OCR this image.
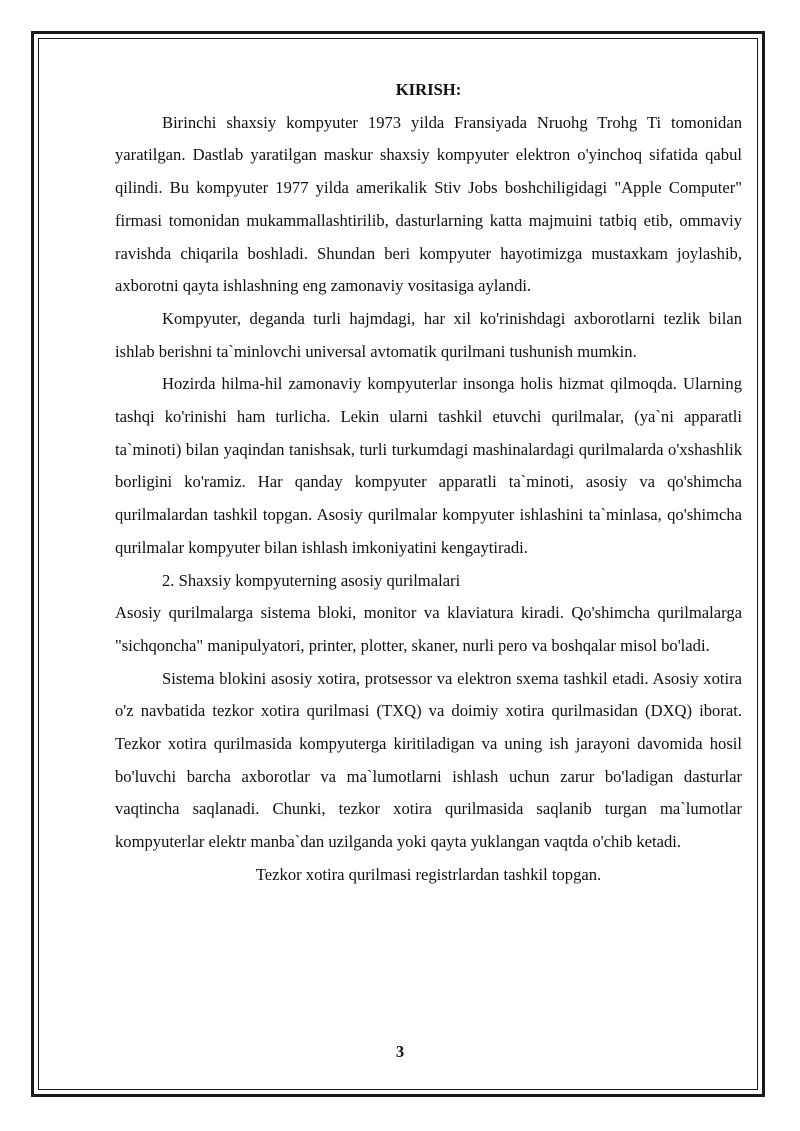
KIRISH:

Birinchi shaxsiy kompyuter 1973 yilda Fransiyada Nruohg Trohg Ti tomonidan yaratilgan. Dastlab yaratilgan maskur shaxsiy kompyuter elektron o'yinchoq sifatida qabul qilindi. Bu kompyuter 1977 yilda amerikalik Stiv Jobs boshchiligidagi "Apple Computer" firmasi tomonidan mukammallashtirilib, dasturlarning katta majmuini tatbiq etib, ommaviy ravishda chiqarila boshladi. Shundan beri kompyuter hayotimizga mustaxkam joylashib, axborotni qayta ishlashning eng zamonaviy vositasiga aylandi.

Kompyuter, deganda turli hajmdagi, har xil ko'rinishdagi axborotlarni tezlik bilan ishlab berishni ta`minlovchi universal avtomatik qurilmani tushunish mumkin.

Hozirda hilma-hil zamonaviy kompyuterlar insonga holis hizmat qilmoqda. Ularning tashqi ko'rinishi ham turlicha. Lekin ularni tashkil etuvchi qurilmalar, (ya`ni apparatli ta`minoti) bilan yaqindan tanishsak, turli turkumdagi mashinalardagi qurilmalarda o'xshashlik borligini ko'ramiz. Har qanday kompyuter apparatli ta`minoti, asosiy va qo'shimcha qurilmalardan tashkil topgan. Asosiy qurilmalar kompyuter ishlashini ta`minlasa, qo'shimcha qurilmalar kompyuter bilan ishlash imkoniyatini kengaytiradi.

2. Shaxsiy kompyuterning asosiy qurilmalari

Asosiy qurilmalarga sistema bloki, monitor va klaviatura kiradi. Qo'shimcha qurilmalarga "sichqoncha" manipulyatori, printer, plotter, skaner, nurli pero va boshqalar misol bo'ladi.

Sistema blokini asosiy xotira, protsessor va elektron sxema tashkil etadi. Asosiy xotira o'z navbatida tezkor xotira qurilmasi (TXQ) va doimiy xotira qurilmasidan (DXQ) iborat. Tezkor xotira qurilmasida kompyuterga kiritiladigan va uning ish jarayoni davomida hosil bo'luvchi barcha axborotlar va ma`lumotlarni ishlash uchun zarur bo'ladigan dasturlar vaqtincha saqlanadi. Chunki, tezkor xotira qurilmasida saqlanib turgan ma`lumotlar kompyuterlar elektr manba`dan uzilganda yoki qayta yuklangan vaqtda o'chib ketadi.

Tezkor xotira qurilmasi registrlardan tashkil topgan.

3
